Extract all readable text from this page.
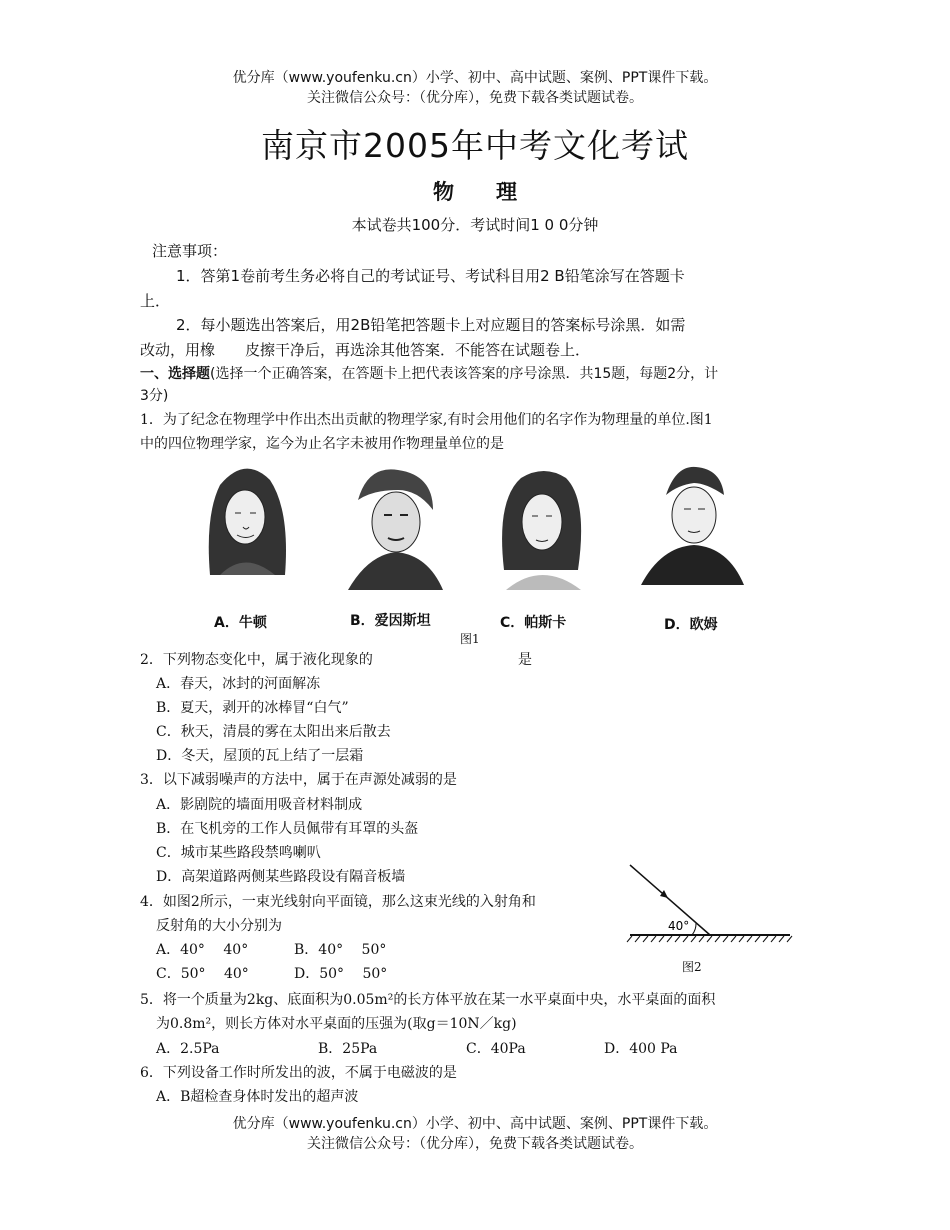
优分库（www.youfenku.cn）小学、初中、高中试题、案例、PPT课件下载。
关注微信公众号：（优分库），免费下载各类试题试卷。
南京市2005年中考文化考试
物　　理
本试卷共100分．考试时间1 0 0分钟
注意事项：
1．答第1卷前考生务必将自己的考试证号、考试科目用2 B铅笔涂写在答题卡
上．
2．每小题选出答案后，用2B铅笔把答题卡上对应题目的答案标号涂黑．如需
改动，用橡　　皮擦干净后，再选涂其他答案．不能答在试题卷上．
一、选择题(选择一个正确答案，在答题卡上把代表该答案的序号涂黑．共15题，每题2分，计
3分)
1．为了纪念在物理学中作出杰出贡献的物理学家,有时会用他们的名字作为物理量的单位.图1
中的四位物理学家，迄今为止名字未被用作物理量单位的是
A．牛顿	B．爱因斯坦	C．帕斯卡	D．欧姆
图1
2．下列物态变化中，属于液化现象的	是
A．春天，冰封的河面解冻
B．夏天，剥开的冰棒冒“白气”
C．秋天，清晨的雾在太阳出来后散去
D．冬天，屋顶的瓦上结了一层霜
3．以下减弱噪声的方法中，属于在声源处减弱的是
A．影剧院的墙面用吸音材料制成
B．在飞机旁的工作人员佩带有耳罩的头盔
C．城市某些路段禁鸣喇叭
D．高架道路两侧某些路段设有隔音板墙
4．如图2所示，一束光线射向平面镜，那么这束光线的入射角和
反射角的大小分别为
A．40°　 40°	B．40°　 50°
C．50°　 40°	D．50°　 50°
40°
图2
5．将一个质量为2kg、底面积为0.05m²的长方体平放在某一水平桌面中央，水平桌面的面积
为0.8m²，则长方体对水平桌面的压强为(取g＝10N／kg)
A．2.5Pa	B．25Pa	C．40Pa	D．400 Pa
6．下列设备工作时所发出的波，不属于电磁波的是
A．B超检查身体时发出的超声波
优分库（www.youfenku.cn）小学、初中、高中试题、案例、PPT课件下载。
关注微信公众号：（优分库），免费下载各类试题试卷。
